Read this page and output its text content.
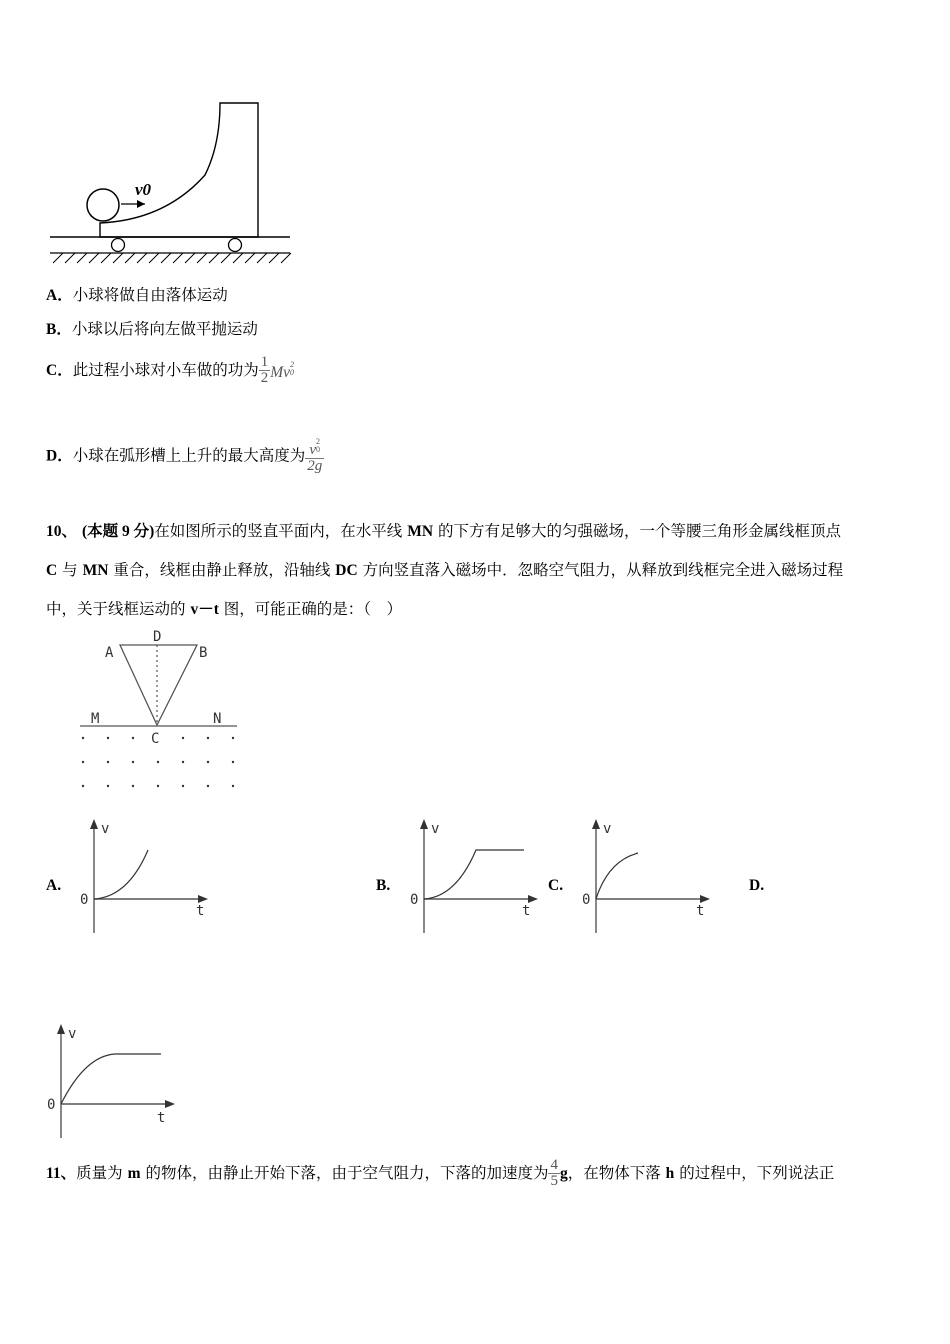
v0
A．小球将做自由落体运动
B．小球以后将向左做平抛运动
C．此过程小球对小车做的功为 $\frac{1}{2}$ Mv 2
0
D．小球在弧形槽上上升的最大高度为 v
2
0
2g
10、 (本题 9 分)在如图所示的竖直平面内，在水平线 MN 的下方有足够大的匀强磁场，一个等腰三角形金属线框顶点
C 与 MN 重合，线框由静止释放，沿轴线 DC 方向竖直落入磁场中．忽略空气阻力，从释放到线框完全进入磁场过程
中，关于线框运动的 v－t 图，可能正确的是：（　）
D
A	B
M	N
C
A.	B.	C.	D.
v
0
t
v
0
t
v
0
t
v
0
t
11、质量为 m 的物体，由静止开始下落，由于空气阻力，下落的加速度为 $\frac{4}{5}$ g，在物体下落 h 的过程中，下列说法正
